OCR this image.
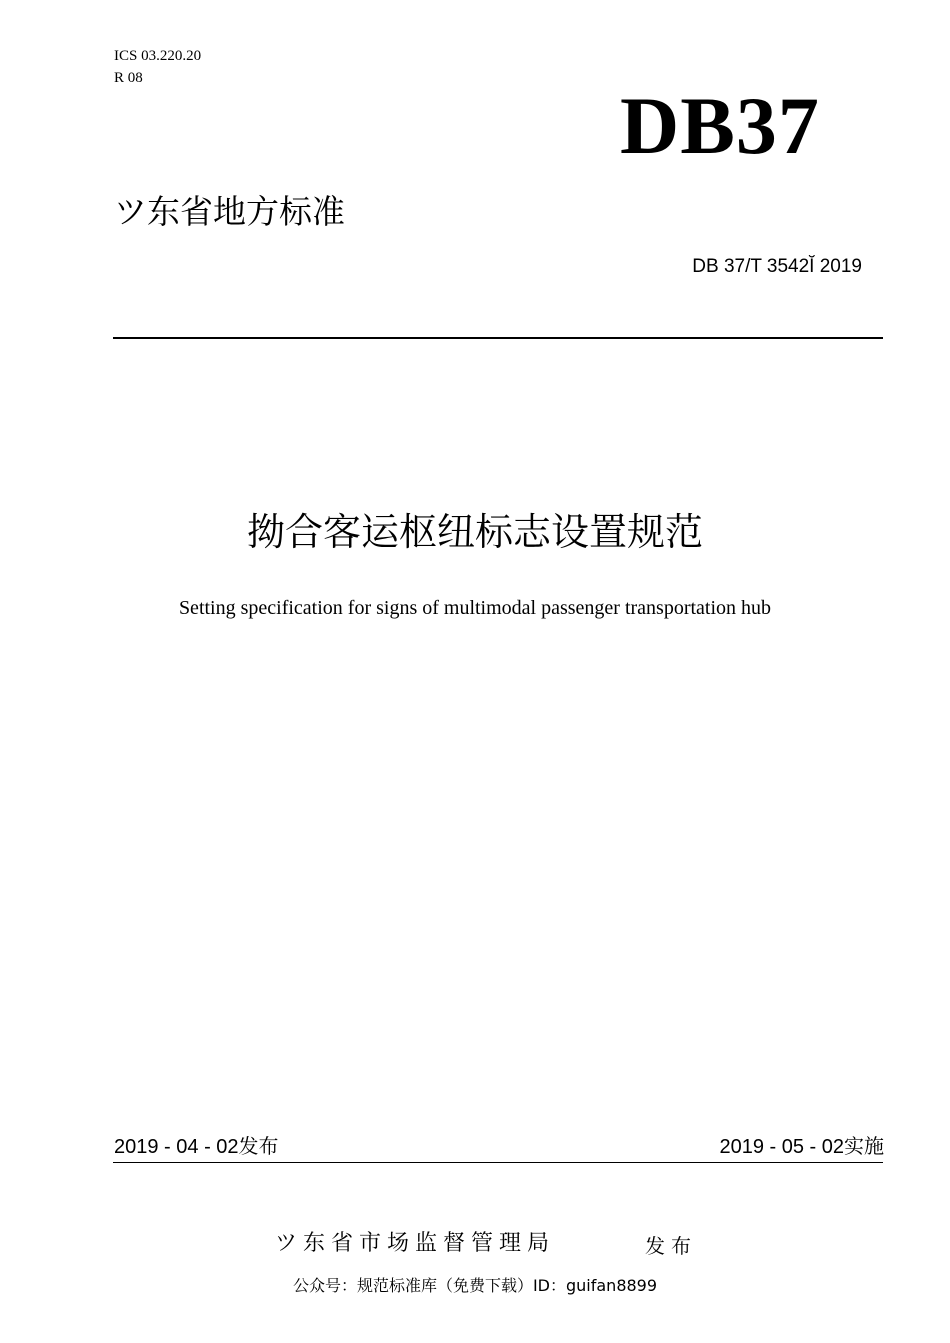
ICS 03.220.20
R 08
DB37
ツ东省地方标准
DB 37/T 3542Ĭ 2019
拗合客运枢纽标志设置规范
Setting specification for signs of multimodal passenger transportation hub
2019 - 04 - 02发布	2019 - 05 - 02实施
ツ东省市场监督管理局	发布
公众号：规范标准库（免费下载）ID：guifan8899
